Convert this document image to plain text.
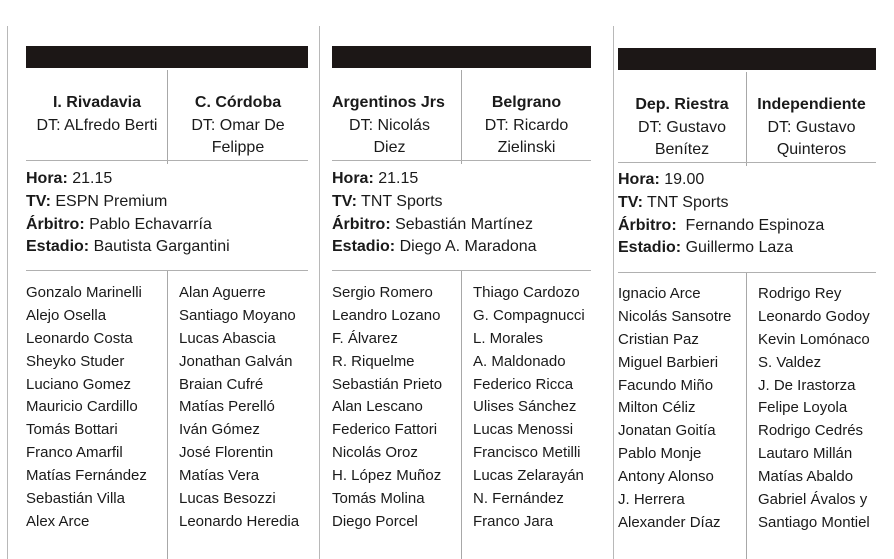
I. Rivadavia
DT: ALfredo Berti
C. Córdoba
DT: Omar De Felippe
Hora: 21.15
TV: ESPN Premium
Árbitro: Pablo Echavarría
Estadio: Bautista Gargantini
Gonzalo Marinelli
Alejo Osella
Leonardo Costa
Sheyko Studer
Luciano Gomez
Mauricio Cardillo
Tomás Bottari
Franco Amarfil
Matías Fernández
Sebastián Villa
Alex Arce
Alan Aguerre
Santiago Moyano
Lucas Abascia
Jonathan Galván
Braian Cufré
Matías Perelló
Iván Gómez
José Florentin
Matías Vera
Lucas Besozzi
Leonardo Heredia
Argentinos Jrs
DT: Nicolás Diez
Belgrano
DT: Ricardo Zielinski
Hora: 21.15
TV: TNT Sports
Árbitro: Sebastián Martínez
Estadio: Diego A. Maradona
Sergio Romero
Leandro Lozano
F. Álvarez
R. Riquelme
Sebastián Prieto
Alan Lescano
Federico Fattori
Nicolás Oroz
H. López Muñoz
Tomás Molina
Diego Porcel
Thiago Cardozo
G. Compagnucci
L. Morales
A. Maldonado
Federico Ricca
Ulises Sánchez
Lucas Menossi
Francisco Metilli
Lucas Zelarayán
N. Fernández
Franco Jara
Dep. Riestra
DT: Gustavo Benítez
Independiente
DT: Gustavo Quinteros
Hora: 19.00
TV: TNT Sports
Árbitro: Fernando Espinoza
Estadio: Guillermo Laza
Ignacio Arce
Nicolás Sansotre
Cristian Paz
Miguel Barbieri
Facundo Miño
Milton Céliz
Jonatan Goitía
Pablo Monje
Antony Alonso
J. Herrera
Alexander Díaz
Rodrigo Rey
Leonardo Godoy
Kevin Lomónaco
S. Valdez
J. De Irastorza
Felipe Loyola
Rodrigo Cedrés
Lautaro Millán
Matías Abaldo
Gabriel Ávalos y
Santiago Montiel
